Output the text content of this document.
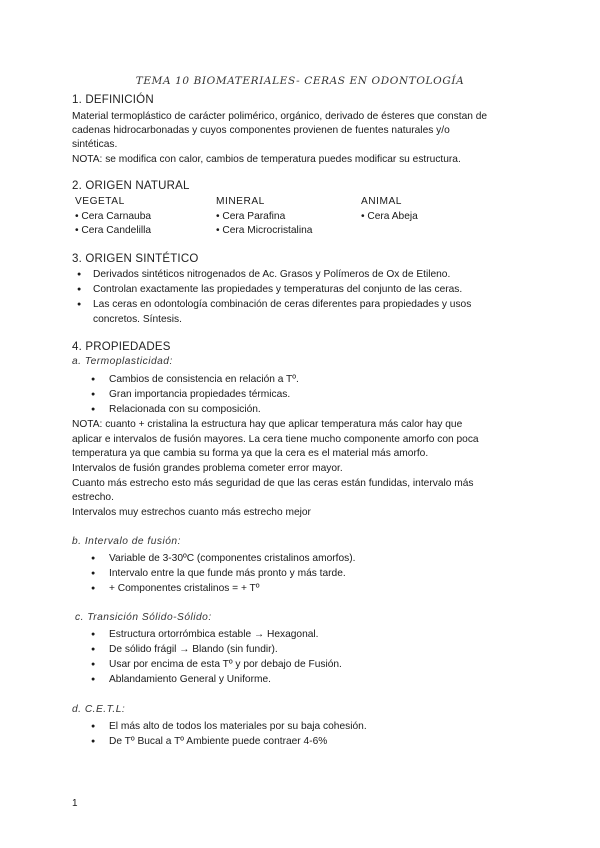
TEMA 10 BIOMATERIALES- CERAS EN ODONTOLOGÍA
1. DEFINICIÓN
Material termoplástico de carácter polimérico, orgánico, derivado de ésteres que constan de
cadenas hidrocarbonadas y cuyos componentes provienen de fuentes naturales y/o
sintéticas.
NOTA: se modifica con calor, cambios de temperatura puedes modificar su estructura.
2. ORIGEN NATURAL
VEGETAL
• Cera Carnauba
• Cera Candelilla
MINERAL
• Cera Parafina
• Cera Microcristalina
ANIMAL
• Cera Abeja
3. ORIGEN SINTÉTICO
● Derivados sintéticos nitrogenados de Ac. Grasos y Polímeros de Ox de Etileno.
● Controlan exactamente las propiedades y temperaturas del conjunto de las ceras.
● Las ceras en odontología combinación de ceras diferentes para propiedades y usos
concretos. Síntesis.
4. PROPIEDADES
a. Termoplasticidad:
● Cambios de consistencia en relación a Tº.
● Gran importancia propiedades térmicas.
● Relacionada con su composición.
NOTA: cuanto + cristalina la estructura hay que aplicar temperatura más calor hay que
aplicar e intervalos de fusión mayores. La cera tiene mucho componente amorfo con poca
temperatura ya que cambia su forma ya que la cera es el material más amorfo.
Intervalos de fusión grandes problema cometer error mayor.
Cuanto más estrecho esto más seguridad de que las ceras están fundidas, intervalo más
estrecho.
Intervalos muy estrechos cuanto más estrecho mejor
b. Intervalo de fusión:
● Variable de 3-30ºC (componentes cristalinos amorfos).
● Intervalo entre la que funde más pronto y más tarde.
● + Componentes cristalinos = + Tº
c. Transición Sólido-Sólido:
● Estructura ortorrómbica estable → Hexagonal.
● De sólido frágil → Blando (sin fundir).
● Usar por encima de esta Tº y por debajo de Fusión.
● Ablandamiento General y Uniforme.
d. C.E.T.L:
● El más alto de todos los materiales por su baja cohesión.
● De Tº Bucal a Tº Ambiente puede contraer 4-6%
1
